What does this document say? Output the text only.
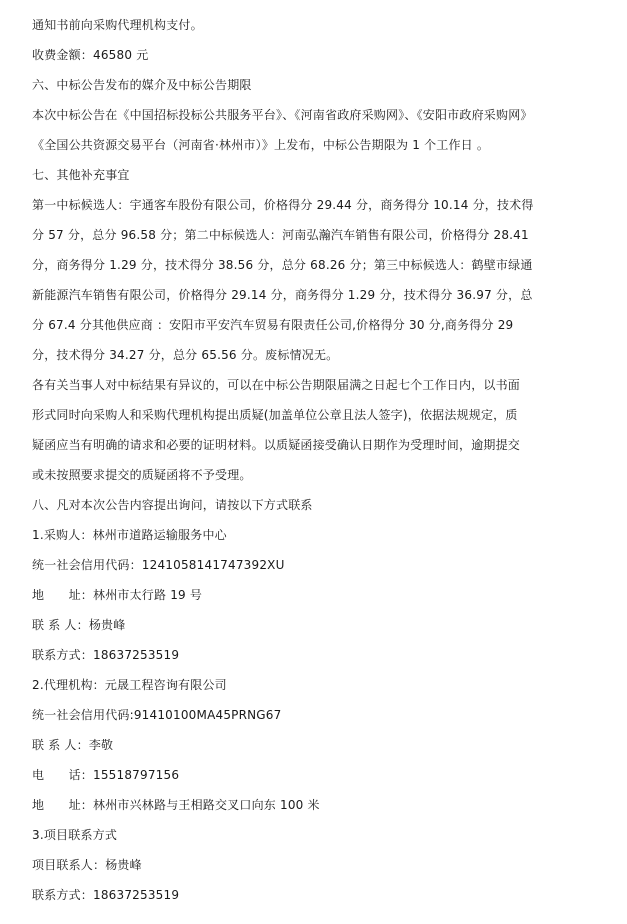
通知书前向采购代理机构支付。

收费金额：46580 元

六、中标公告发布的媒介及中标公告期限

本次中标公告在《中国招标投标公共服务平台》、《河南省政府采购网》、《安阳市政府采购网》

《全国公共资源交易平台（河南省·林州市）》上发布，中标公告期限为 1 个工作日 。

七、其他补充事宜

第一中标候选人：宇通客车股份有限公司，价格得分 29.44 分，商务得分 10.14 分，技术得

分 57 分，总分 96.58 分；第二中标候选人：河南弘瀚汽车销售有限公司，价格得分 28.41

分，商务得分 1.29 分，技术得分 38.56 分，总分 68.26 分；第三中标候选人：鹤壁市绿通

新能源汽车销售有限公司，价格得分 29.14 分，商务得分 1.29 分，技术得分 36.97 分，总

分 67.4 分其他供应商 ：安阳市平安汽车贸易有限责任公司,价格得分 30 分,商务得分 29

分，技术得分 34.27 分，总分 65.56 分。废标情况无。

各有关当事人对中标结果有异议的，可以在中标公告期限届满之日起七个工作日内，以书面

形式同时向采购人和采购代理机构提出质疑(加盖单位公章且法人签字)，依据法规规定，质

疑函应当有明确的请求和必要的证明材料。以质疑函接受确认日期作为受理时间，逾期提交

或未按照要求提交的质疑函将不予受理。

八、凡对本次公告内容提出询问，请按以下方式联系

1.采购人：林州市道路运输服务中心

统一社会信用代码：12410581417473​92XU

地　　址：林州市太行路 19 号

联 系 人：杨贵峰

联系方式：18637253519

2.代理机构：元晟工程咨询有限公司

统一社会信用代码:91410100MA45PRNG67

联 系 人：李敬

电　　话：15518797156

地　　址：林州市兴林路与王相路交叉口向东 100 米

3.项目联系方式

项目联系人：杨贵峰

联系方式：18637253519
